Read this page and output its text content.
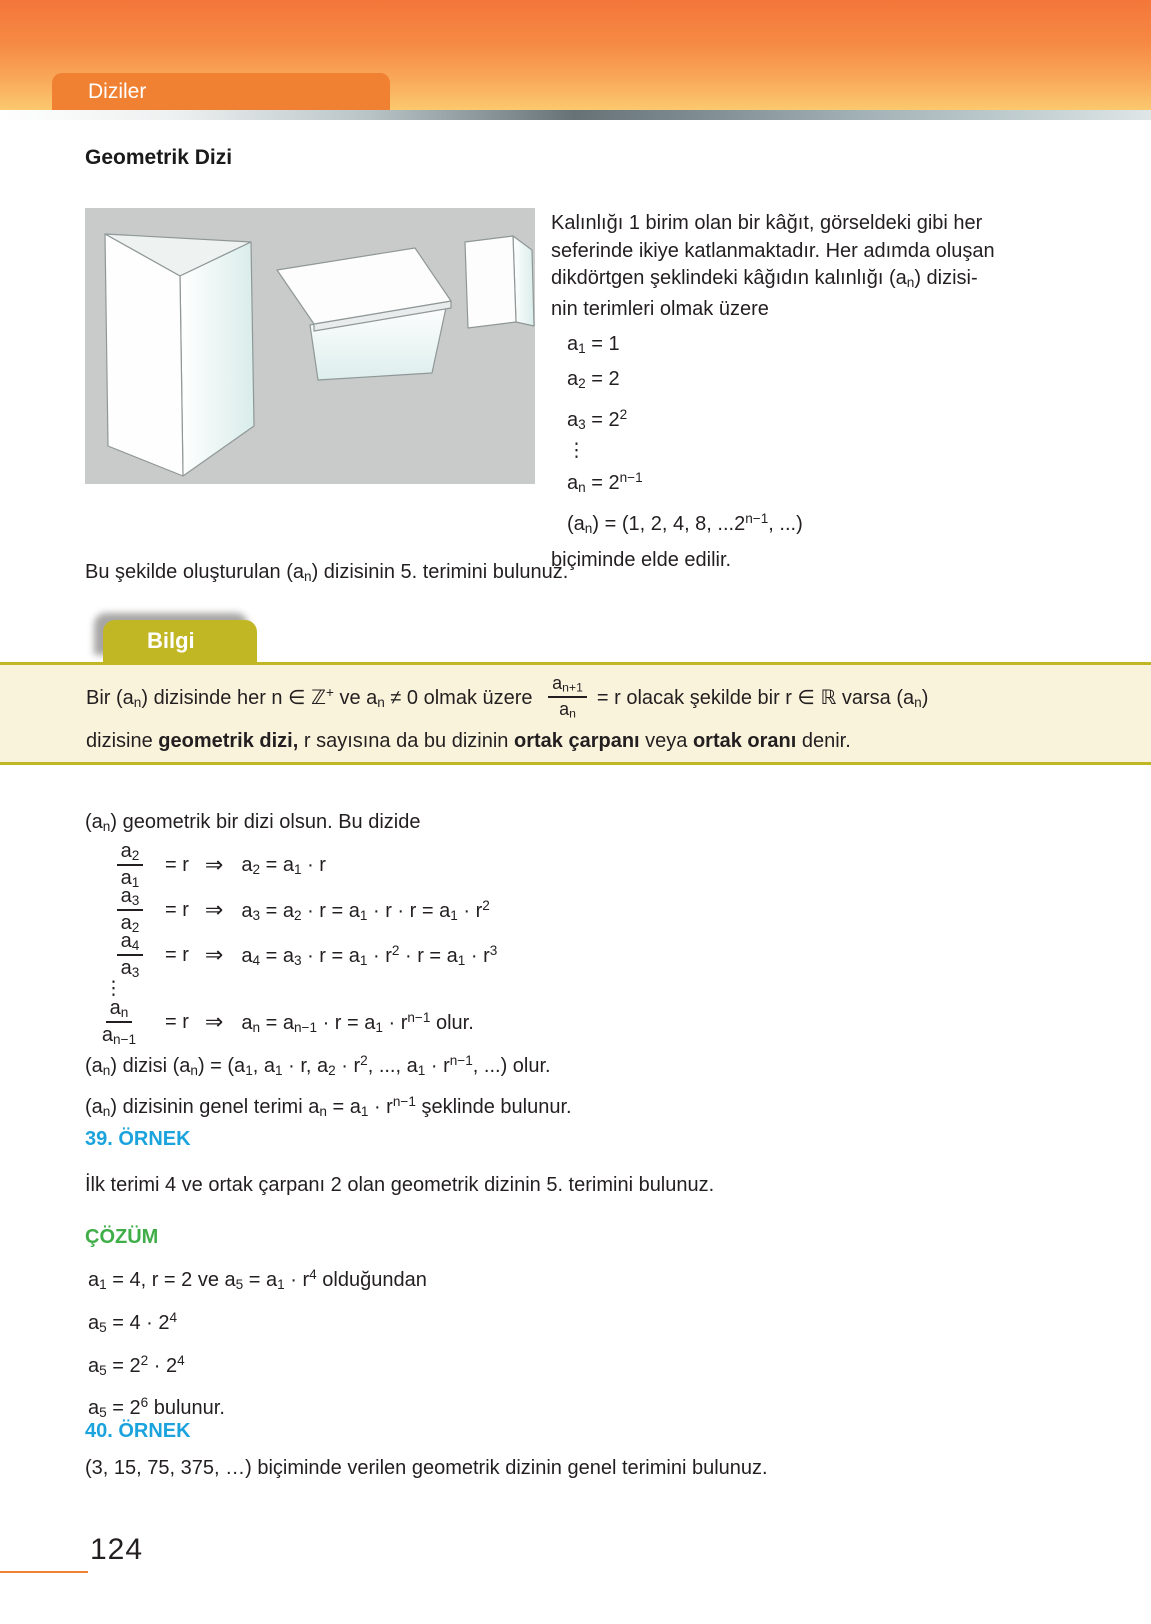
Diziler
Geometrik Dizi

Kalınlığı 1 birim olan bir kâğıt, görseldeki gibi her
seferinde ikiye katlanmaktadır. Her adımda oluşan
dikdörtgen şeklindeki kâğıdın kalınlığı $(a_n)$ dizisi-
nin terimleri olmak üzere

$a_1 = 1$
$a_2 = 2$
$a_3 = 2^2$
⋮
$a_n = 2^{n-1}$
$(a_n) = (1$, 2, 4, 8, $...2^{n-1}$, ...)
biçiminde elde edilir.

Bu şekilde oluşturulan $(a_n)$ dizisinin 5. terimini bulunuz.

Bilgi
Bir $(a_n)$ dizisinde her n ∈ ℤ+ ve $a_n \ne 0$ olmak üzere $\frac{a_{n+1}}{a_n} = r$ olacak şekilde bir r ∈ ℝ varsa $(a_n)$
dizisine geometrik dizi, r sayısına da bu dizinin ortak çarpanı veya ortak oranı denir.

$(a_n)$ geometrik bir dizi olsun. Bu dizide

$\frac{a_2}{a_1} = r$ ⇒ $a_2 = a_1 \cdot r$
$\frac{a_3}{a_2} = r$ ⇒ $a_3 = a_2 \cdot r = a_1 \cdot r \cdot r = a_1 \cdot r^2$
$\frac{a_4}{a_3} = r$ ⇒ $a_4 = a_3 \cdot r = a_1 \cdot r^2 \cdot r = a_1 \cdot r^3$
⋮
$\frac{a_n}{a_{n-1}} = r$ ⇒ $a_n = a_{n-1} \cdot r = a_1 \cdot r^{n-1}$ olur.

$(a_n)$ dizisi $(a_n) = (a_1$, $a_1 \cdot r$, $a_2 \cdot r^2$, ..., $a_1 \cdot r^{n-1}$, ...) olur.

$(a_n)$ dizisinin genel terimi $a_n = a_1 \cdot r^{n-1}$ şeklinde bulunur.

39. ÖRNEK

İlk terimi 4 ve ortak çarpanı 2 olan geometrik dizinin 5. terimini bulunuz.

ÇÖZÜM

$a_1 = 4$, r = 2 ve $a_5 = a_1 \cdot r^4$ olduğundan
$a_5 = 4 \cdot 2^4$
$a_5 = 2^2 \cdot 2^4$
$a_5 = 2^6$ bulunur.

40. ÖRNEK

(3, 15, 75, 375, …) biçiminde verilen geometrik dizinin genel terimini bulunuz.

124
